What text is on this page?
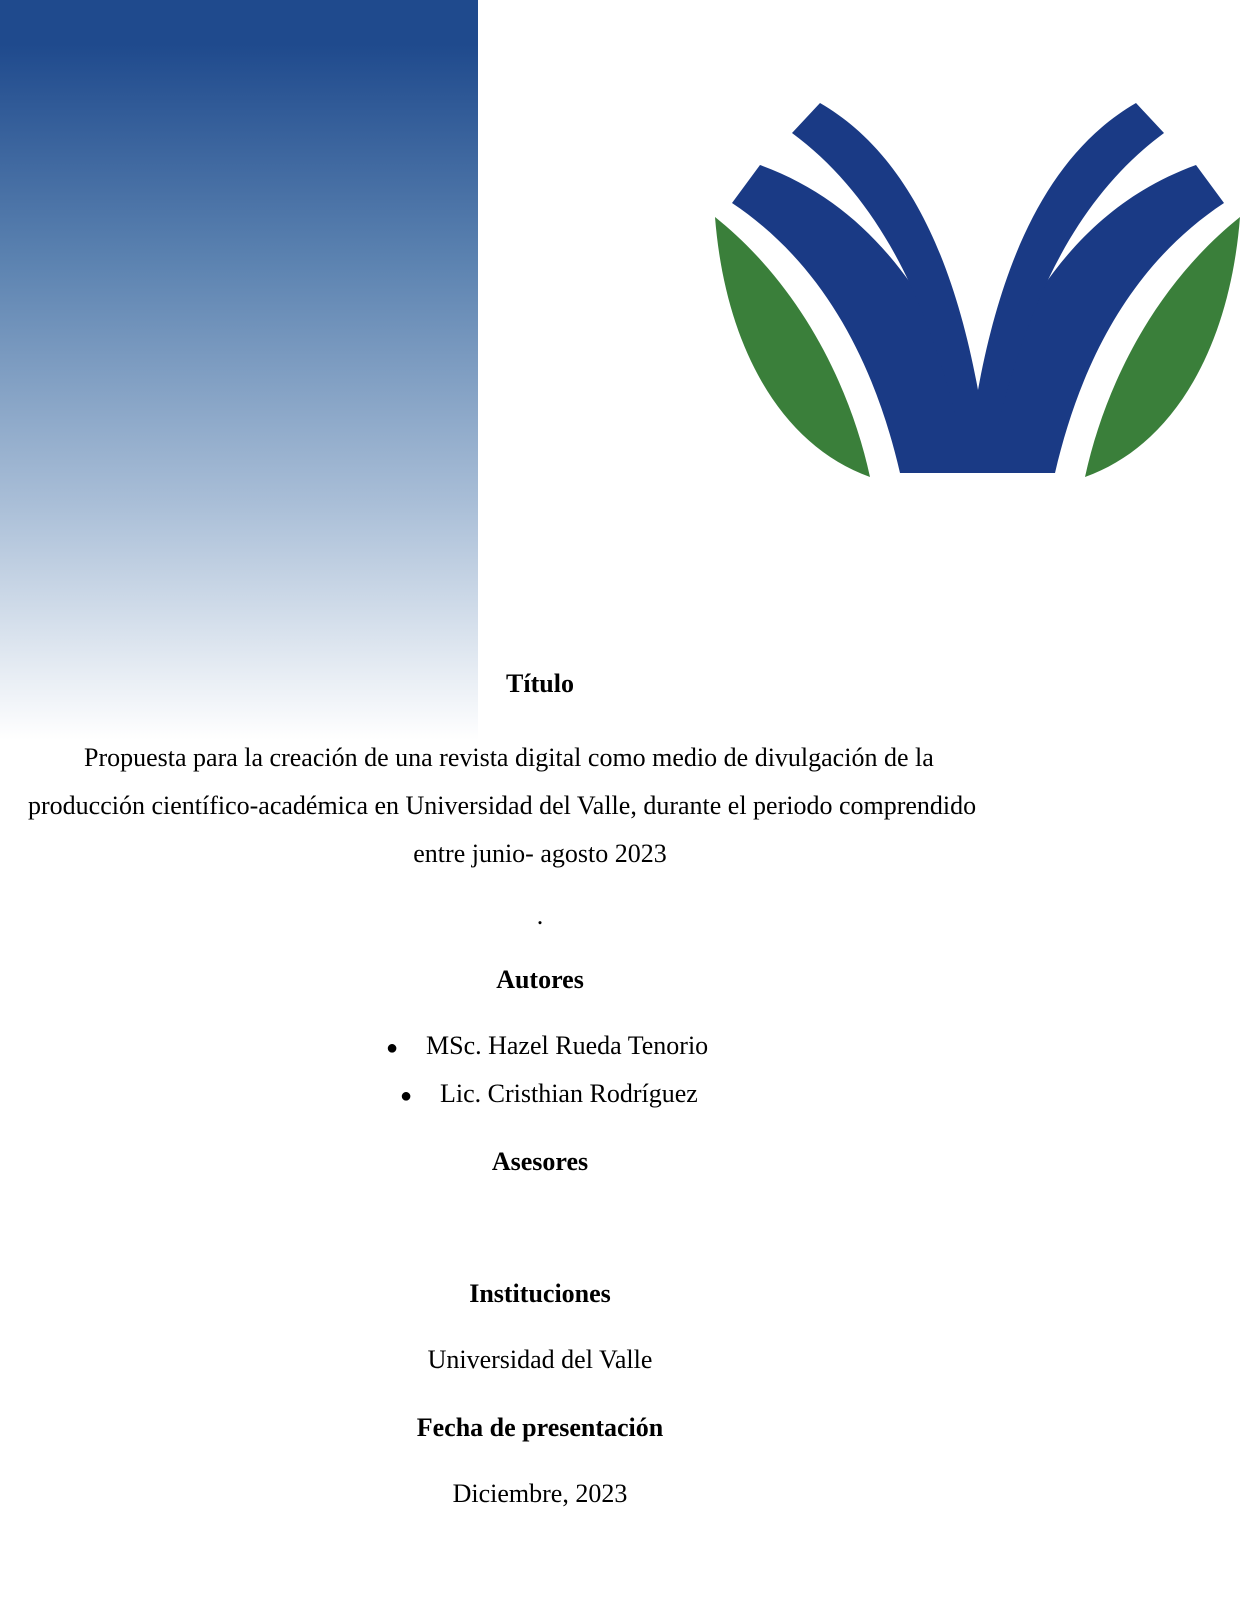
Título
Propuesta para la creación de una revista digital como medio de divulgación de la
producción científico-académica en Universidad del Valle, durante el periodo comprendido
entre junio- agosto 2023
.
Autores
● MSc. Hazel Rueda Tenorio
● Lic. Cristhian Rodríguez
Asesores
Instituciones
Universidad del Valle
Fecha de presentación
Diciembre, 2023
